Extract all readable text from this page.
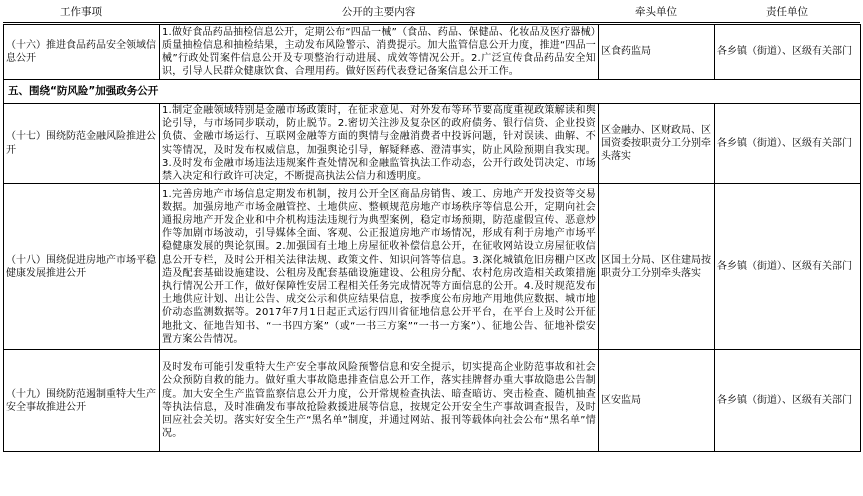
工作事项	公开的主要内容	牵头单位	责任单位
（十六）推进食品药品安全领域信息公开	1.做好食品药品抽检信息公开，定期公布“四品一械”（食品、药品、保健品、化妆品及医疗器械）质量抽检信息和抽检结果，主动发布风险警示、消费提示。加大监管信息公开力度，推进“四品一械”行政处罚案件信息公开及专项整治行动进展、成效等情况公开。2.广泛宣传食品药品安全知识，引导人民群众健康饮食、合理用药。做好医药代表登记备案信息公开工作。	区食药监局	各乡镇（街道）、区级有关部门
五、围绕“防风险”加强政务公开			
（十七）围绕防范金融风险推进公开	1.制定金融领域特别是金融市场政策时，在征求意见、对外发布等环节要高度重视政策解读和舆论引导，与市场同步联动，防止脱节。2.密切关注涉及复杂区的政府债务、银行信贷、企业投资负债、金融市场运行、互联网金融等方面的舆情与金融消费者中投诉问题，针对误读、曲解、不实等情况，及时发布权威信息，加强舆论引导，解疑释惑、澄清事实，防止风险预期自我实现。3.及时发布金融市场违法违规案件查处情况和金融监管执法工作动态，公开行政处罚决定、市场禁入决定和行政许可决定，不断提高执法公信力和透明度。	区金融办、区财政局、区国资委按职责分工分别牵头落实	各乡镇（街道）、区级有关部门
（十八）围绕促进房地产市场平稳健康发展推进公开	1.完善房地产市场信息定期发布机制，按月公开全区商品房销售、竣工、房地产开发投资等交易数据。加强房地产市场金融管控、土地供应、整顿规范房地产市场秩序等信息公开，定期向社会通报房地产开发企业和中介机构违法违规行为典型案例，稳定市场预期，防范虚假宣传、恶意炒作等加剧市场波动，引导媒体全面、客观、公正报道房地产市场情况，形成有利于房地产市场平稳健康发展的舆论氛围。2.加强国有土地上房屋征收补偿信息公开，在征收网站设立房屋征收信息公开专栏，及时公开相关法律法规、政策文件、知识问答等信息。3.深化城镇危旧房棚户区改造及配套基础设施建设、公租房及配套基础设施建设、公租房分配、农村危房改造相关政策措施执行情况公开工作，做好保障性安居工程相关任务完成情况等方面信息的公开。4.及时规范发布土地供应计划、出让公告、成交公示和供应结果信息，按季度公布房地产用地供应数据、城市地价动态监测数据等。2017年7月1日起正式运行四川省征地信息公开平台，在平台上及时公开征地批文、征地告知书、“一书四方案”（或“一书三方案”“一书一方案”）、征地公告、征地补偿安置方案公告情况。	区国土分局、区住建局按职责分工分别牵头落实	各乡镇（街道）、区级有关部门
（十九）围绕防范遏制重特大生产安全事故推进公开	及时发布可能引发重特大生产安全事故风险预警信息和安全提示，切实提高企业防范事故和社会公众预防自救的能力。做好重大事故隐患排查信息公开工作，落实挂牌督办重大事故隐患公告制度。加大安全生产监管监察信息公开力度，公开常规检查执法、暗查暗访、突击检查、随机抽查等执法信息，及时准确发布事故抢险救援进展等信息，按规定公开安全生产事故调查报告，及时回应社会关切。落实好安全生产“黑名单”制度，并通过网站、报刊等载体向社会公布“黑名单”情况。	区安监局	各乡镇（街道）、区级有关部门
